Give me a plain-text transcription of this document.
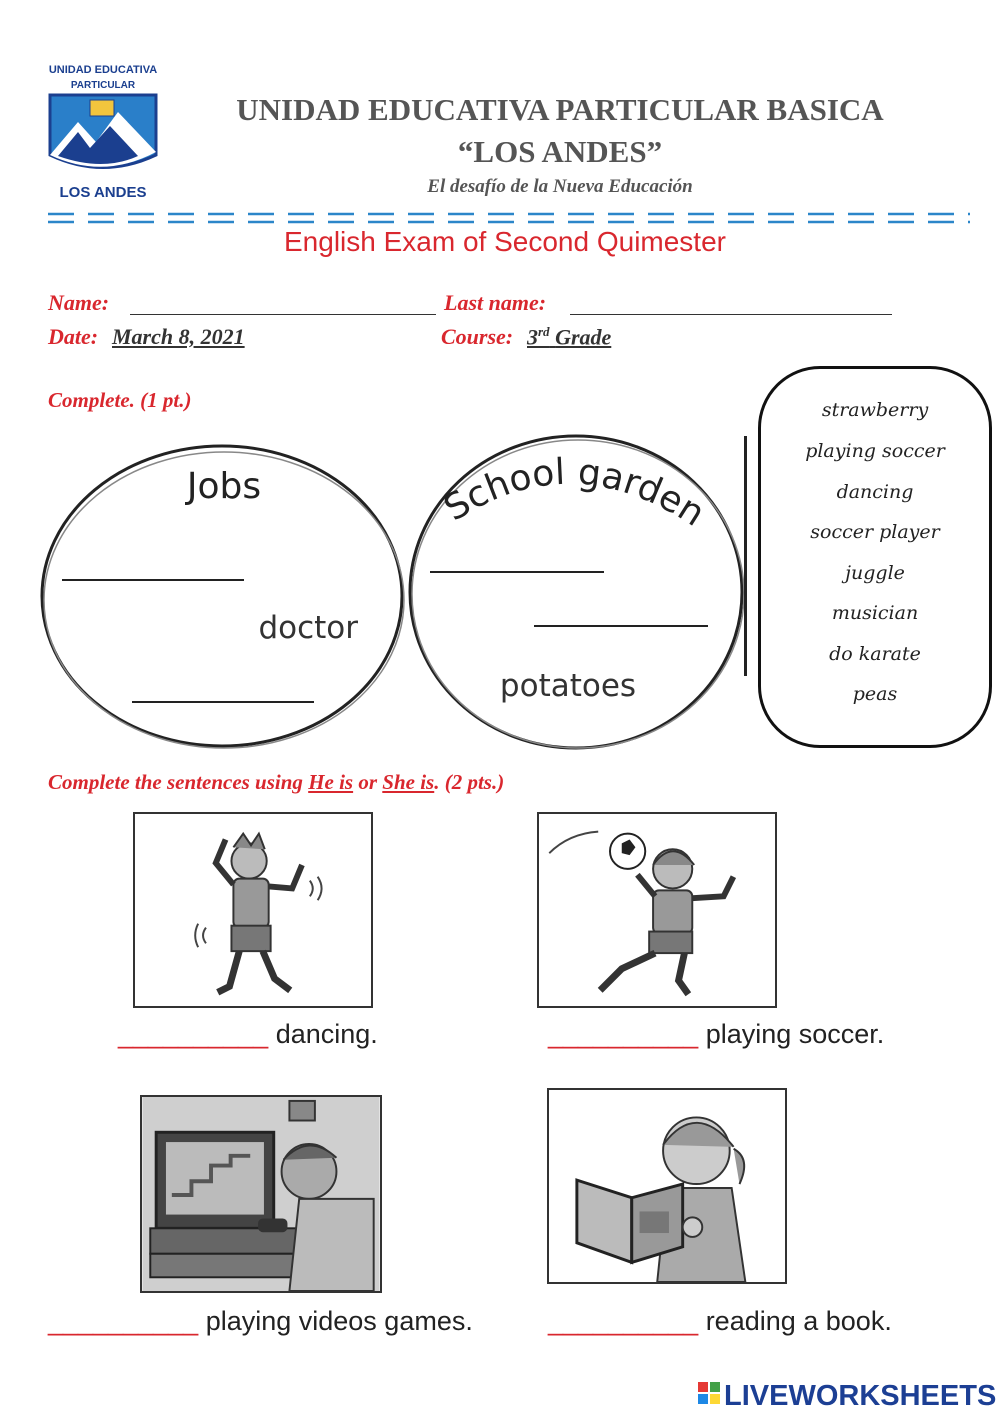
UNIDAD EDUCATIVA
PARTICULAR
LOS ANDES
UNIDAD EDUCATIVA PARTICULAR BASICA
“LOS ANDES”
El desafío de la Nueva Educación
English Exam of Second Quimester
Name:	Last name:
Date: March 8, 2021	Course: 3rd Grade
Complete. (1 pt.)
Jobs
doctor
School garden
potatoes
strawberry
playing soccer
dancing
soccer player
juggle
musician
do karate
peas
Complete the sentences using He is or She is. (2 pts.)
__________ dancing.	__________ playing soccer.
__________ playing videos games.	__________ reading a book.
LIVEWORKSHEETS
